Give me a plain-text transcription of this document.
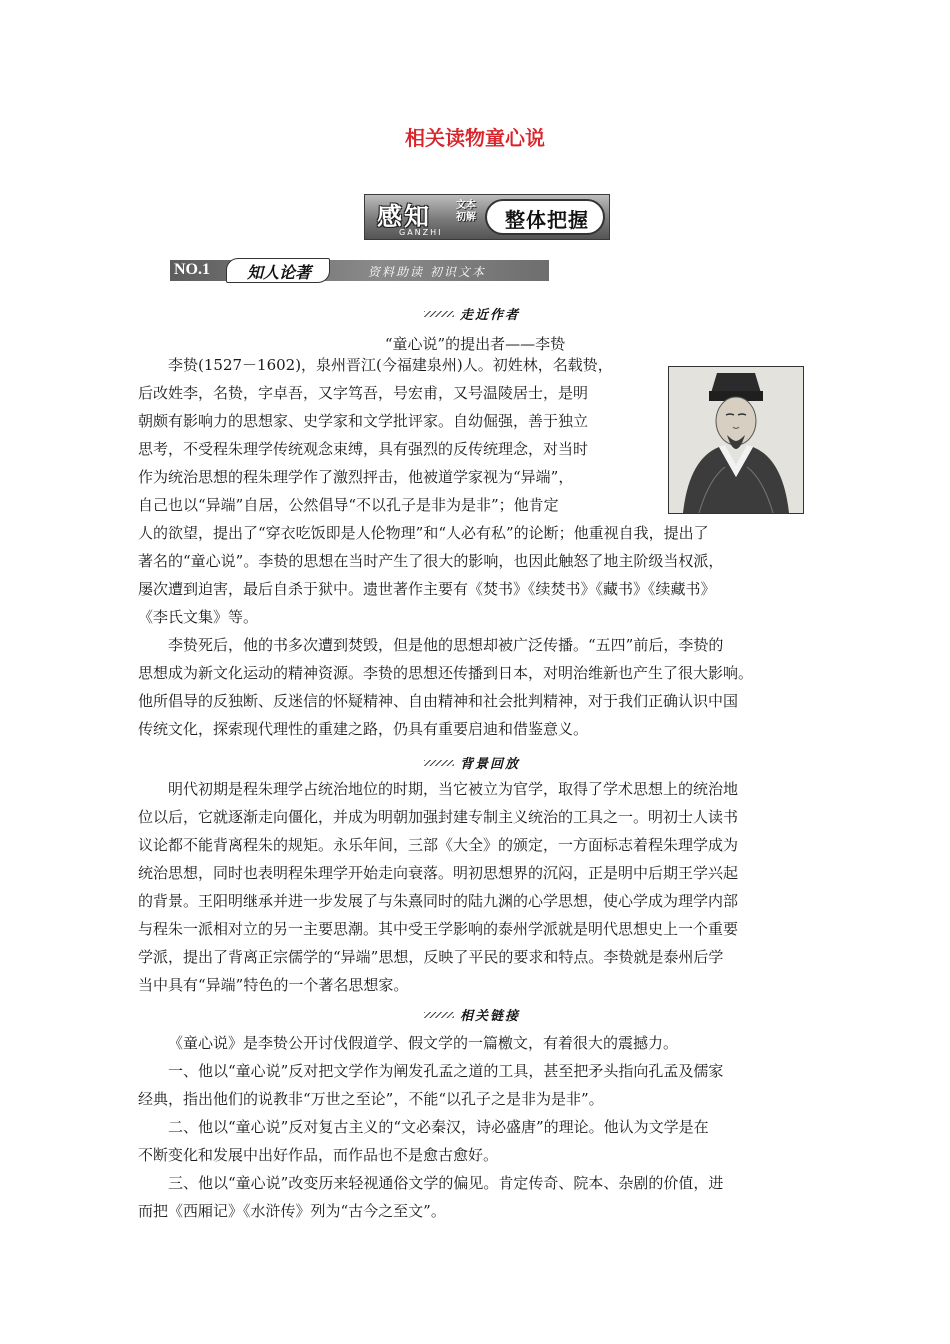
相关读物童心说
感知
GANZHI
文本
初解	整体把握
NO.1	知人论著	资料助读 初识文本
走近作者
“童心说”的提出者——李贽
李贽(1527－1602)，泉州晋江(今福建泉州)人。初姓林，名载贽，
后改姓李，名贽，字卓吾，又字笃吾，号宏甫，又号温陵居士，是明
朝颇有影响力的思想家、史学家和文学批评家。自幼倔强，善于独立
思考，不受程朱理学传统观念束缚，具有强烈的反传统理念，对当时
作为统治思想的程朱理学作了激烈抨击，他被道学家视为“异端”，
自己也以“异端”自居，公然倡导“不以孔子是非为是非”；他肯定
人的欲望，提出了“穿衣吃饭即是人伦物理”和“人必有私”的论断；他重视自我，提出了
著名的“童心说”。李贽的思想在当时产生了很大的影响，也因此触怒了地主阶级当权派，
屡次遭到迫害，最后自杀于狱中。遗世著作主要有《焚书》《续焚书》《藏书》《续藏书》
《李氏文集》等。
李贽死后，他的书多次遭到焚毁，但是他的思想却被广泛传播。“五四”前后，李贽的
思想成为新文化运动的精神资源。李贽的思想还传播到日本，对明治维新也产生了很大影响。
他所倡导的反独断、反迷信的怀疑精神、自由精神和社会批判精神，对于我们正确认识中国
传统文化，探索现代理性的重建之路，仍具有重要启迪和借鉴意义。
背景回放
明代初期是程朱理学占统治地位的时期，当它被立为官学，取得了学术思想上的统治地
位以后，它就逐渐走向僵化，并成为明朝加强封建专制主义统治的工具之一。明初士人读书
议论都不能背离程朱的规矩。永乐年间，三部《大全》的颁定，一方面标志着程朱理学成为
统治思想，同时也表明程朱理学开始走向衰落。明初思想界的沉闷，正是明中后期王学兴起
的背景。王阳明继承并进一步发展了与朱熹同时的陆九渊的心学思想，使心学成为理学内部
与程朱一派相对立的另一主要思潮。其中受王学影响的泰州学派就是明代思想史上一个重要
学派，提出了背离正宗儒学的“异端”思想，反映了平民的要求和特点。李贽就是泰州后学
当中具有“异端”特色的一个著名思想家。
相关链接
《童心说》是李贽公开讨伐假道学、假文学的一篇檄文，有着很大的震撼力。
一、他以“童心说”反对把文学作为阐发孔孟之道的工具，甚至把矛头指向孔孟及儒家
经典，指出他们的说教非“万世之至论”，不能“以孔子之是非为是非”。
二、他以“童心说”反对复古主义的“文必秦汉，诗必盛唐”的理论。他认为文学是在
不断变化和发展中出好作品，而作品也不是愈古愈好。
三、他以“童心说”改变历来轻视通俗文学的偏见。肯定传奇、院本、杂剧的价值，进
而把《西厢记》《水浒传》列为“古今之至文”。
